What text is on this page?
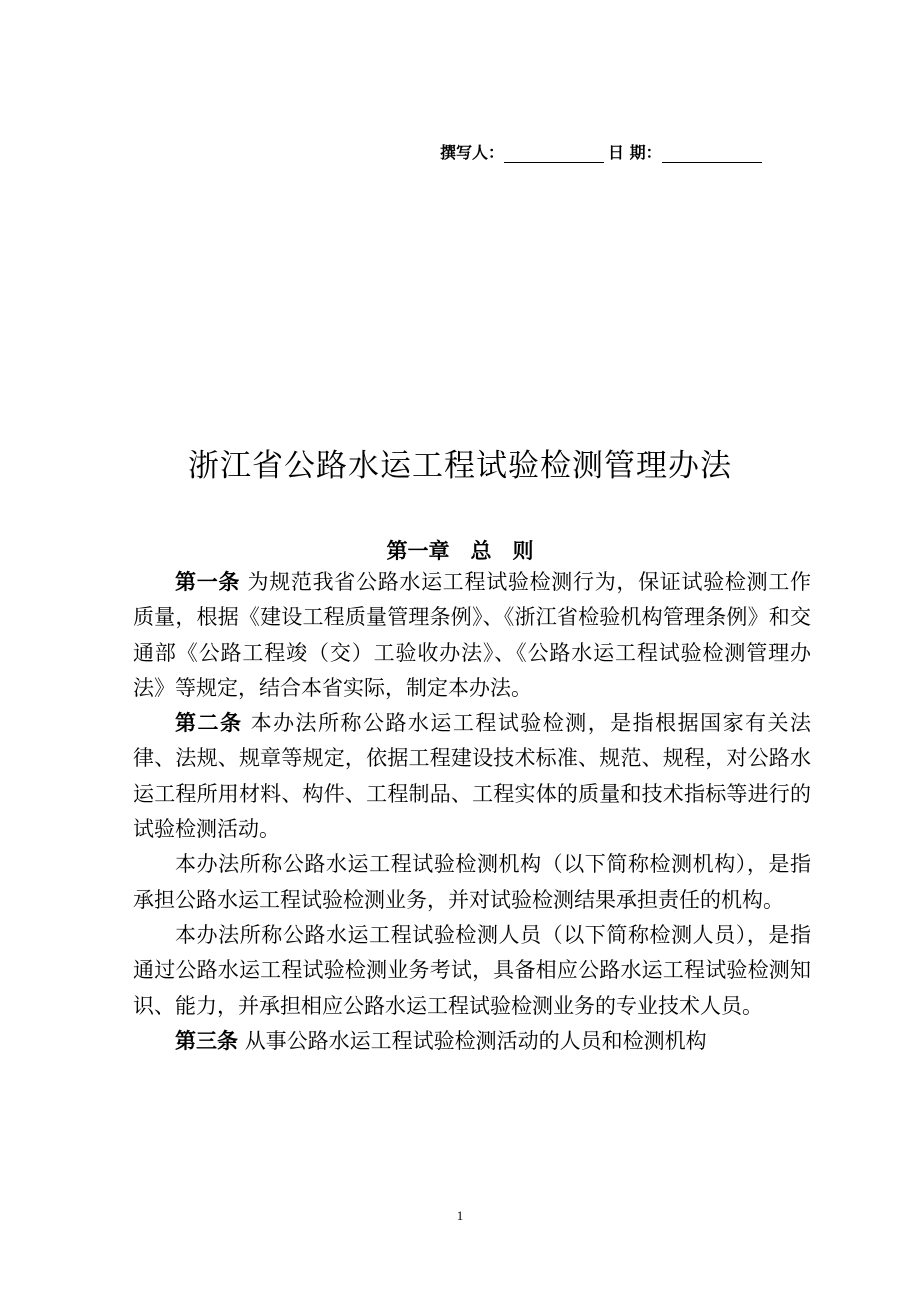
撰写人：	日 期：
浙江省公路水运工程试验检测管理办法
第一章　总　则

第一条 为规范我省公路水运工程试验检测行为，保证试验检测工作质量，根据《建设工程质量管理条例》、《浙江省检验机构管理条例》和交通部《公路工程竣（交）工验收办法》、《公路水运工程试验检测管理办法》等规定，结合本省实际，制定本办法。

第二条 本办法所称公路水运工程试验检测，是指根据国家有关法律、法规、规章等规定，依据工程建设技术标准、规范、规程，对公路水运工程所用材料、构件、工程制品、工程实体的质量和技术指标等进行的试验检测活动。

本办法所称公路水运工程试验检测机构（以下简称检测机构），是指承担公路水运工程试验检测业务，并对试验检测结果承担责任的机构。

本办法所称公路水运工程试验检测人员（以下简称检测人员），是指通过公路水运工程试验检测业务考试，具备相应公路水运工程试验检测知识、能力，并承担相应公路水运工程试验检测业务的专业技术人员。

第三条 从事公路水运工程试验检测活动的人员和检测机构

1
